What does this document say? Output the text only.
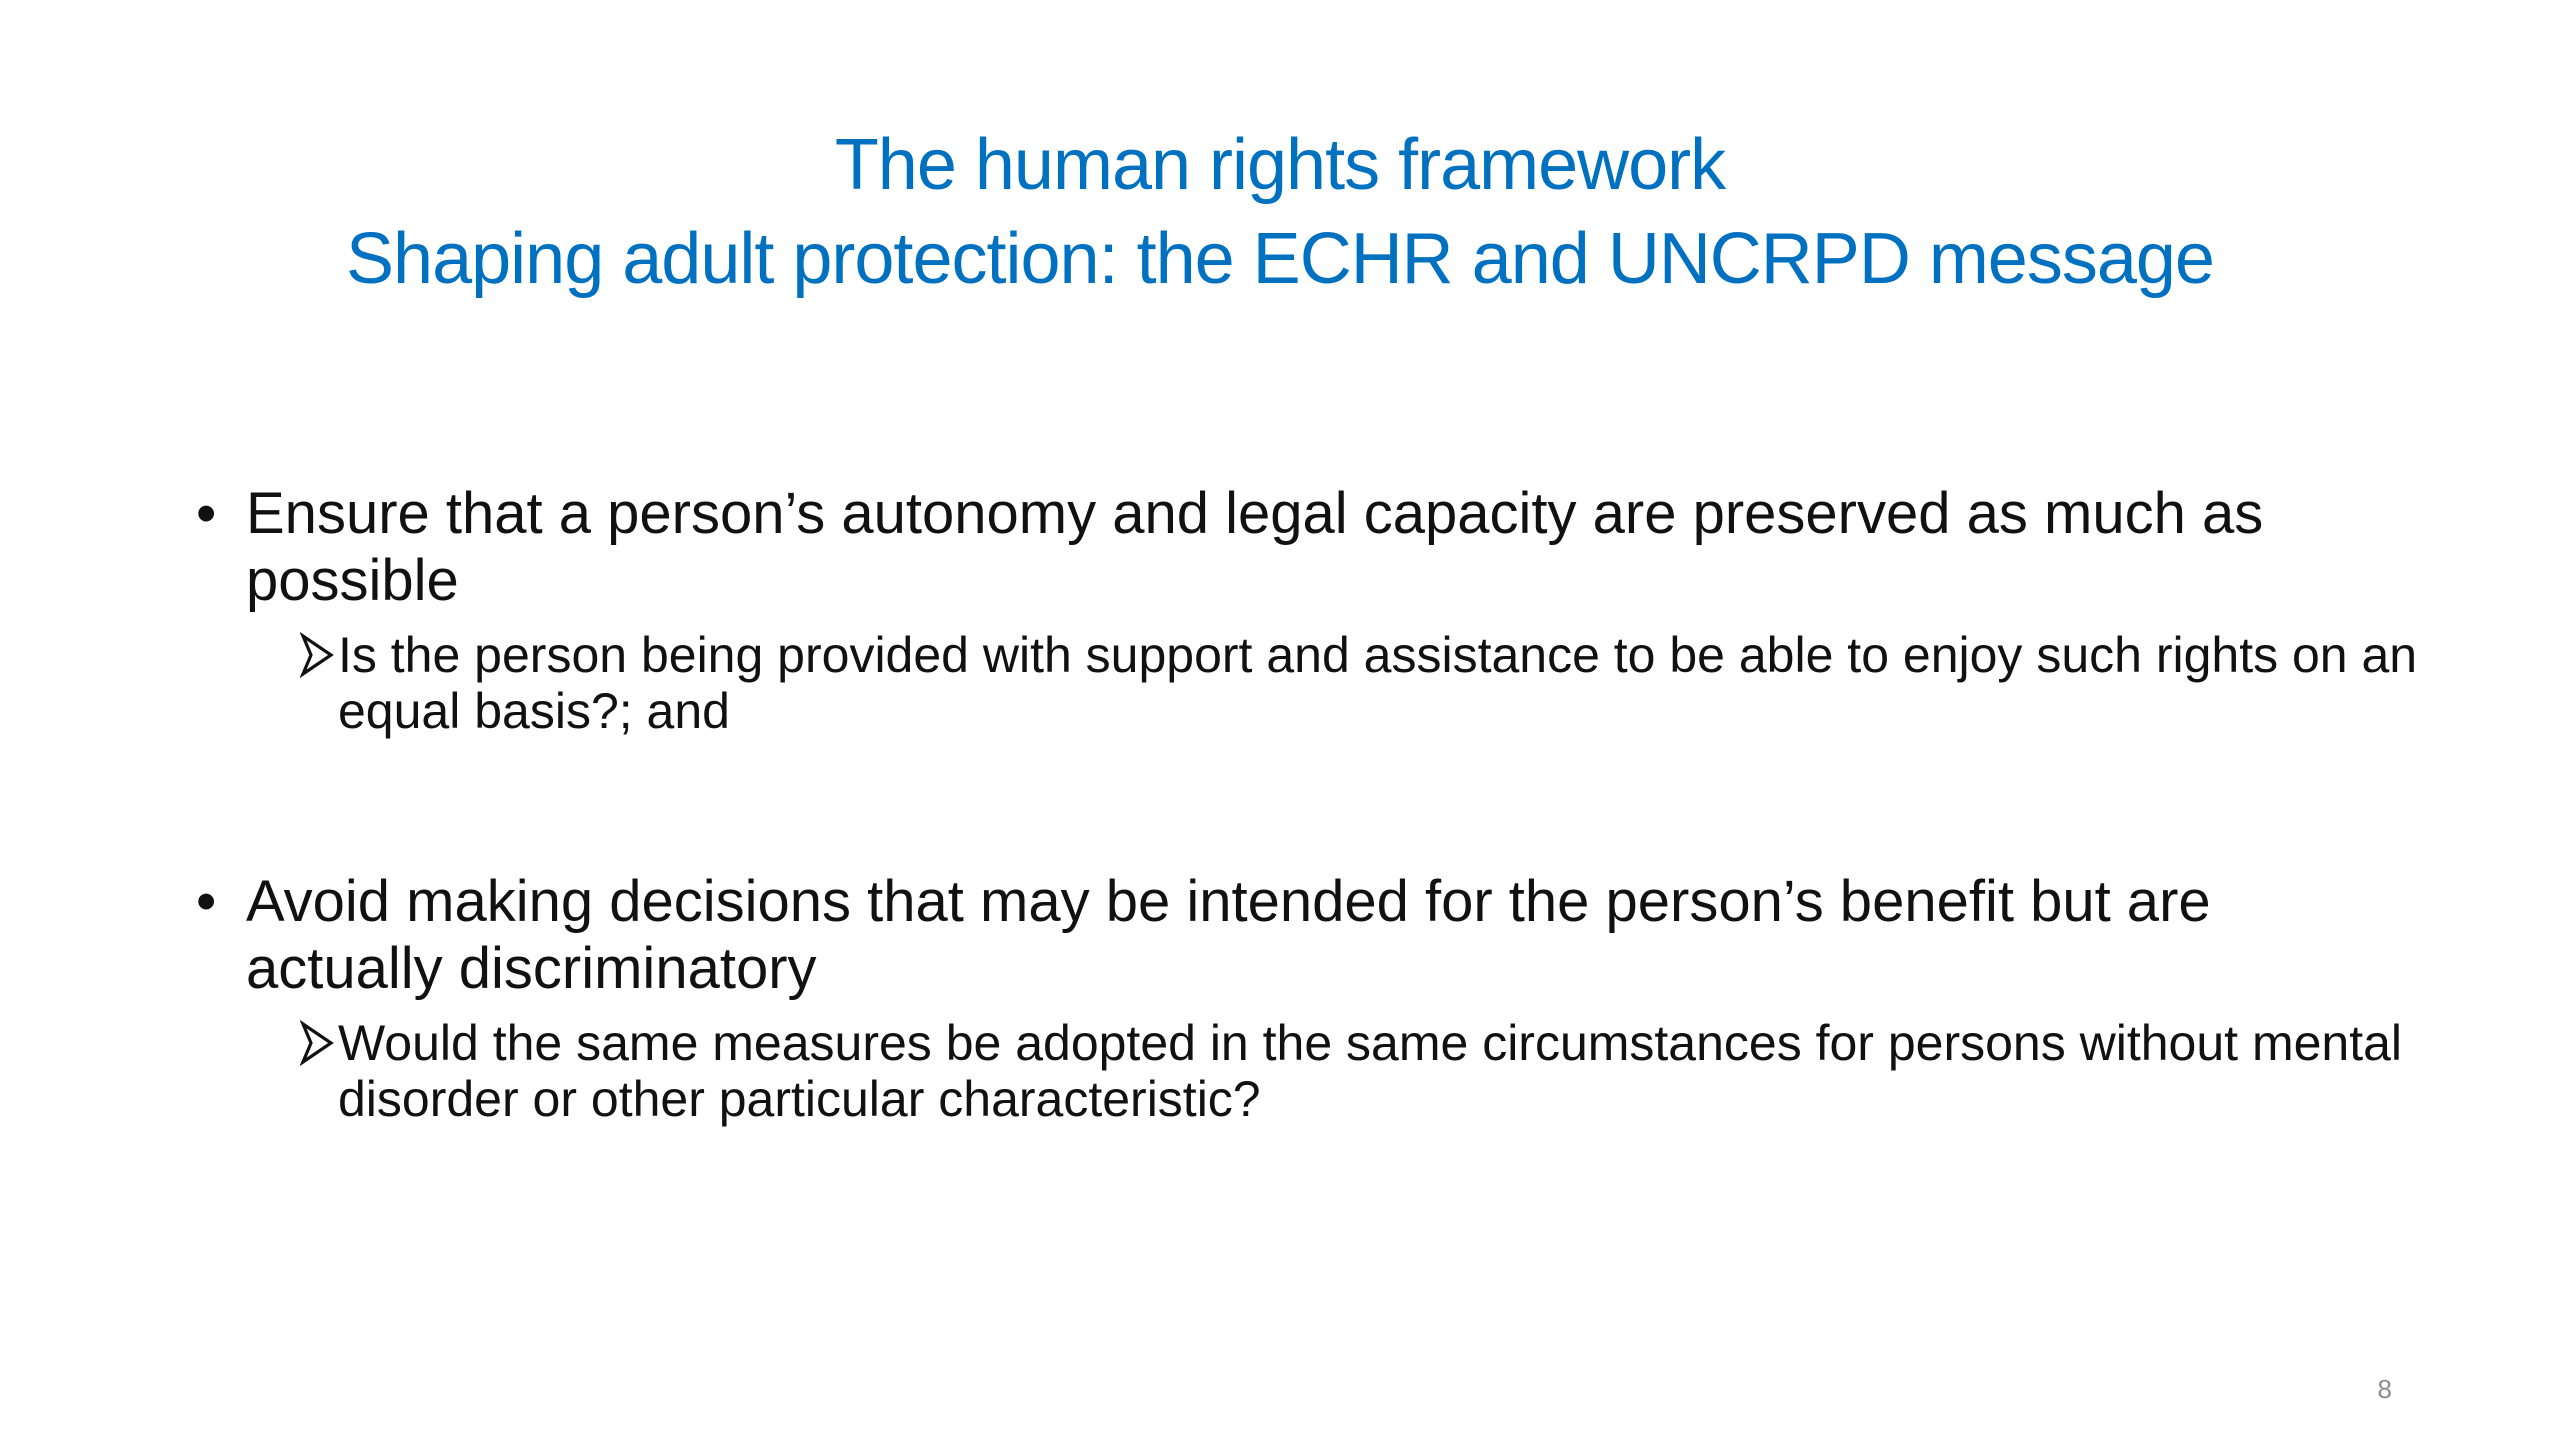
The human rights framework
Shaping adult protection: the ECHR and UNCRPD message
• Ensure that a person’s autonomy and legal capacity are preserved as much as possible
Is the person being provided with support and assistance to be able to enjoy such rights on an equal basis?; and
• Avoid making decisions that may be intended for the person’s benefit but are actually discriminatory
Would the same measures be adopted in the same circumstances for persons without mental disorder or other particular characteristic?
8
